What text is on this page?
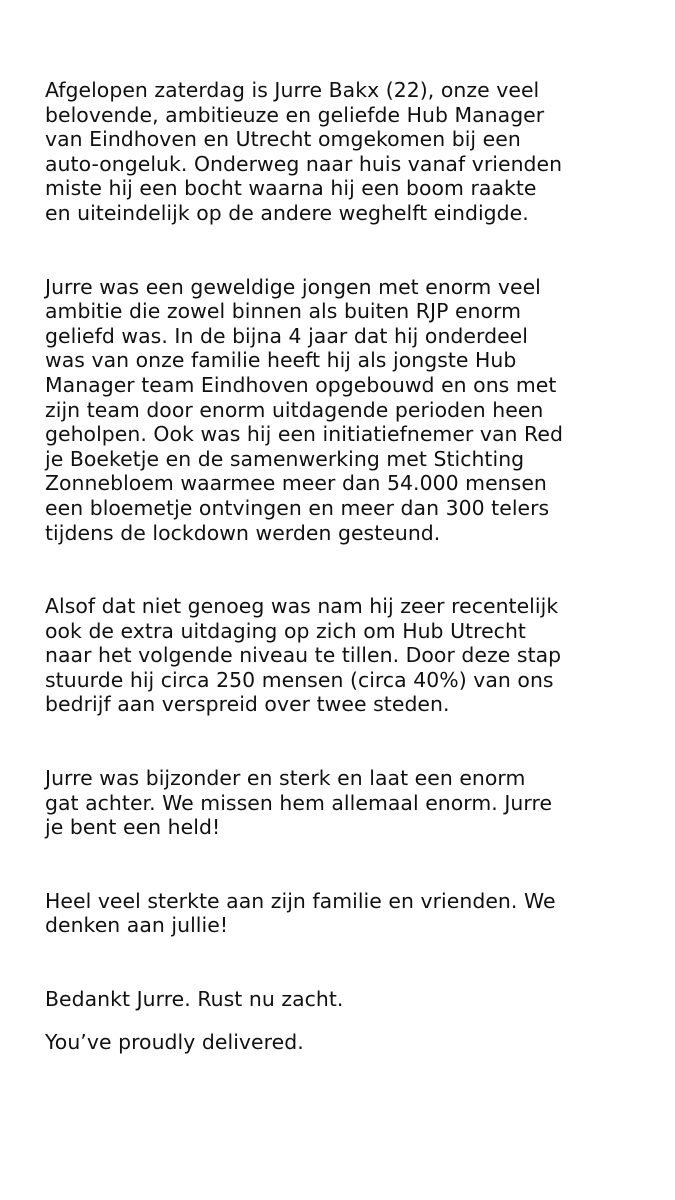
Afgelopen zaterdag is Jurre Bakx (22), onze veel
belovende, ambitieuze en geliefde Hub Manager
van Eindhoven en Utrecht omgekomen bij een
auto-ongeluk. Onderweg naar huis vanaf vrienden
miste hij een bocht waarna hij een boom raakte
en uiteindelijk op de andere weghelft eindigde.

Jurre was een geweldige jongen met enorm veel
ambitie die zowel binnen als buiten RJP enorm
geliefd was. In de bijna 4 jaar dat hij onderdeel
was van onze familie heeft hij als jongste Hub
Manager team Eindhoven opgebouwd en ons met
zijn team door enorm uitdagende perioden heen
geholpen. Ook was hij een initiatiefnemer van Red
je Boeketje en de samenwerking met Stichting
Zonnebloem waarmee meer dan 54.000 mensen
een bloemetje ontvingen en meer dan 300 telers
tijdens de lockdown werden gesteund.

Alsof dat niet genoeg was nam hij zeer recentelijk
ook de extra uitdaging op zich om Hub Utrecht
naar het volgende niveau te tillen. Door deze stap
stuurde hij circa 250 mensen (circa 40%) van ons
bedrijf aan verspreid over twee steden.

Jurre was bijzonder en sterk en laat een enorm
gat achter. We missen hem allemaal enorm. Jurre
je bent een held!

Heel veel sterkte aan zijn familie en vrienden. We
denken aan jullie!

Bedankt Jurre. Rust nu zacht.

You’ve proudly delivered.
